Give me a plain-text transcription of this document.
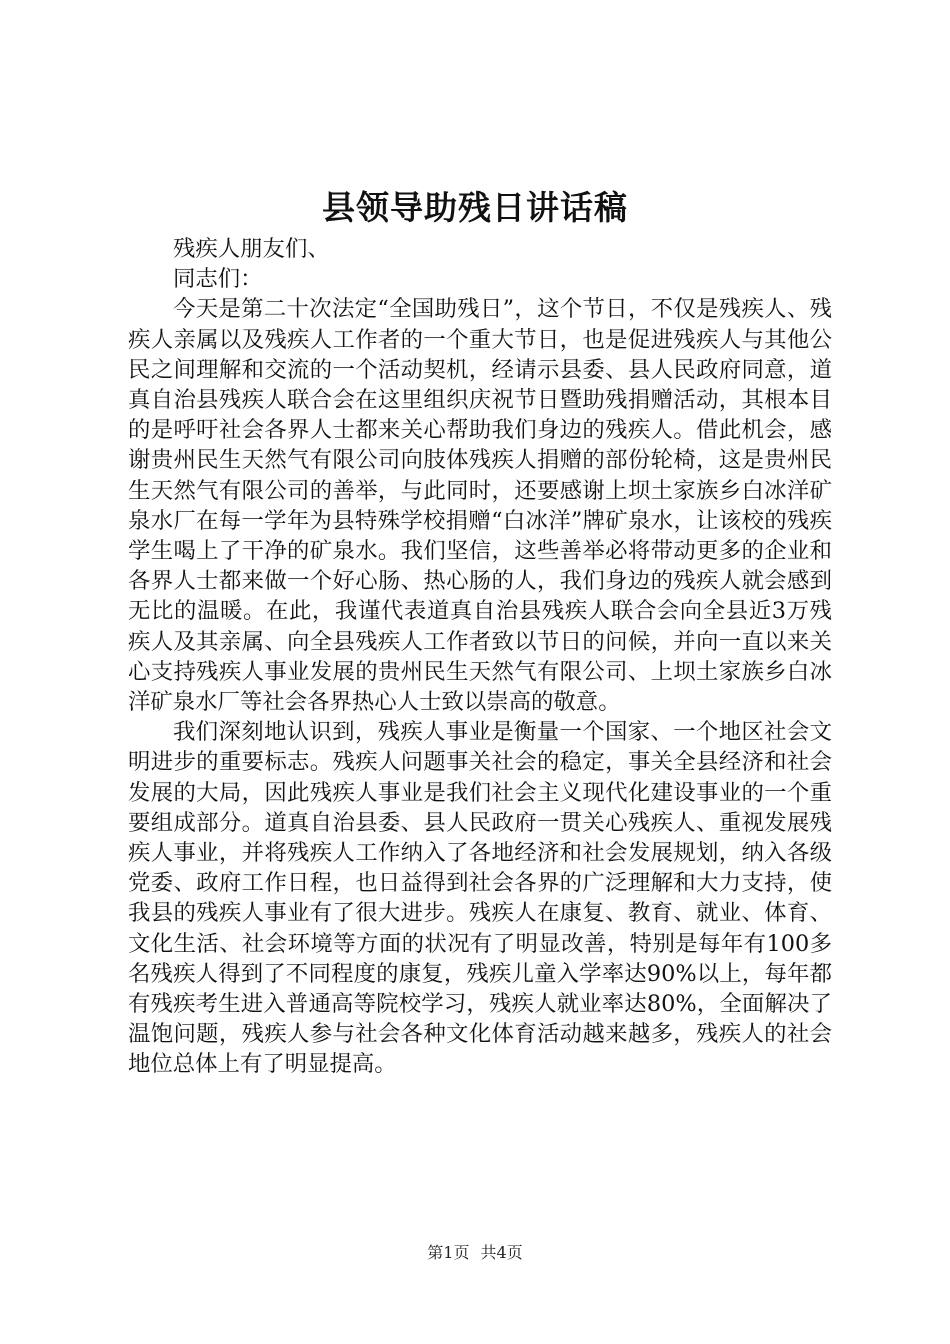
县领导助残日讲话稿

残疾人朋友们、

同志们：

今天是第二十次法定“全国助残日”，这个节日，不仅是残疾人、残疾人亲属以及残疾人工作者的一个重大节日，也是促进残疾人与其他公民之间理解和交流的一个活动契机，经请示县委、县人民政府同意，道真自治县残疾人联合会在这里组织庆祝节日暨助残捐赠活动，其根本目的是呼吁社会各界人士都来关心帮助我们身边的残疾人。借此机会，感谢贵州民生天然气有限公司向肢体残疾人捐赠的部份轮椅，这是贵州民生天然气有限公司的善举，与此同时，还要感谢上坝土家族乡白冰洋矿泉水厂在每一学年为县特殊学校捐赠“白冰洋”牌矿泉水，让该校的残疾学生喝上了干净的矿泉水。我们坚信，这些善举必将带动更多的企业和各界人士都来做一个好心肠、热心肠的人，我们身边的残疾人就会感到无比的温暖。在此，我谨代表道真自治县残疾人联合会向全县近3万残疾人及其亲属、向全县残疾人工作者致以节日的问候，并向一直以来关心支持残疾人事业发展的贵州民生天然气有限公司、上坝土家族乡白冰洋矿泉水厂等社会各界热心人士致以崇高的敬意。

我们深刻地认识到，残疾人事业是衡量一个国家、一个地区社会文明进步的重要标志。残疾人问题事关社会的稳定，事关全县经济和社会发展的大局，因此残疾人事业是我们社会主义现代化建设事业的一个重要组成部分。道真自治县委、县人民政府一贯关心残疾人、重视发展残疾人事业，并将残疾人工作纳入了各地经济和社会发展规划，纳入各级党委、政府工作日程，也日益得到社会各界的广泛理解和大力支持，使我县的残疾人事业有了很大进步。残疾人在康复、教育、就业、体育、文化生活、社会环境等方面的状况有了明显改善，特别是每年有100多名残疾人得到了不同程度的康复，残疾儿童入学率达90%以上，每年都有残疾考生进入普通高等院校学习，残疾人就业率达80%，全面解决了温饱问题，残疾人参与社会各种文化体育活动越来越多，残疾人的社会地位总体上有了明显提高。

第1页 共4页
